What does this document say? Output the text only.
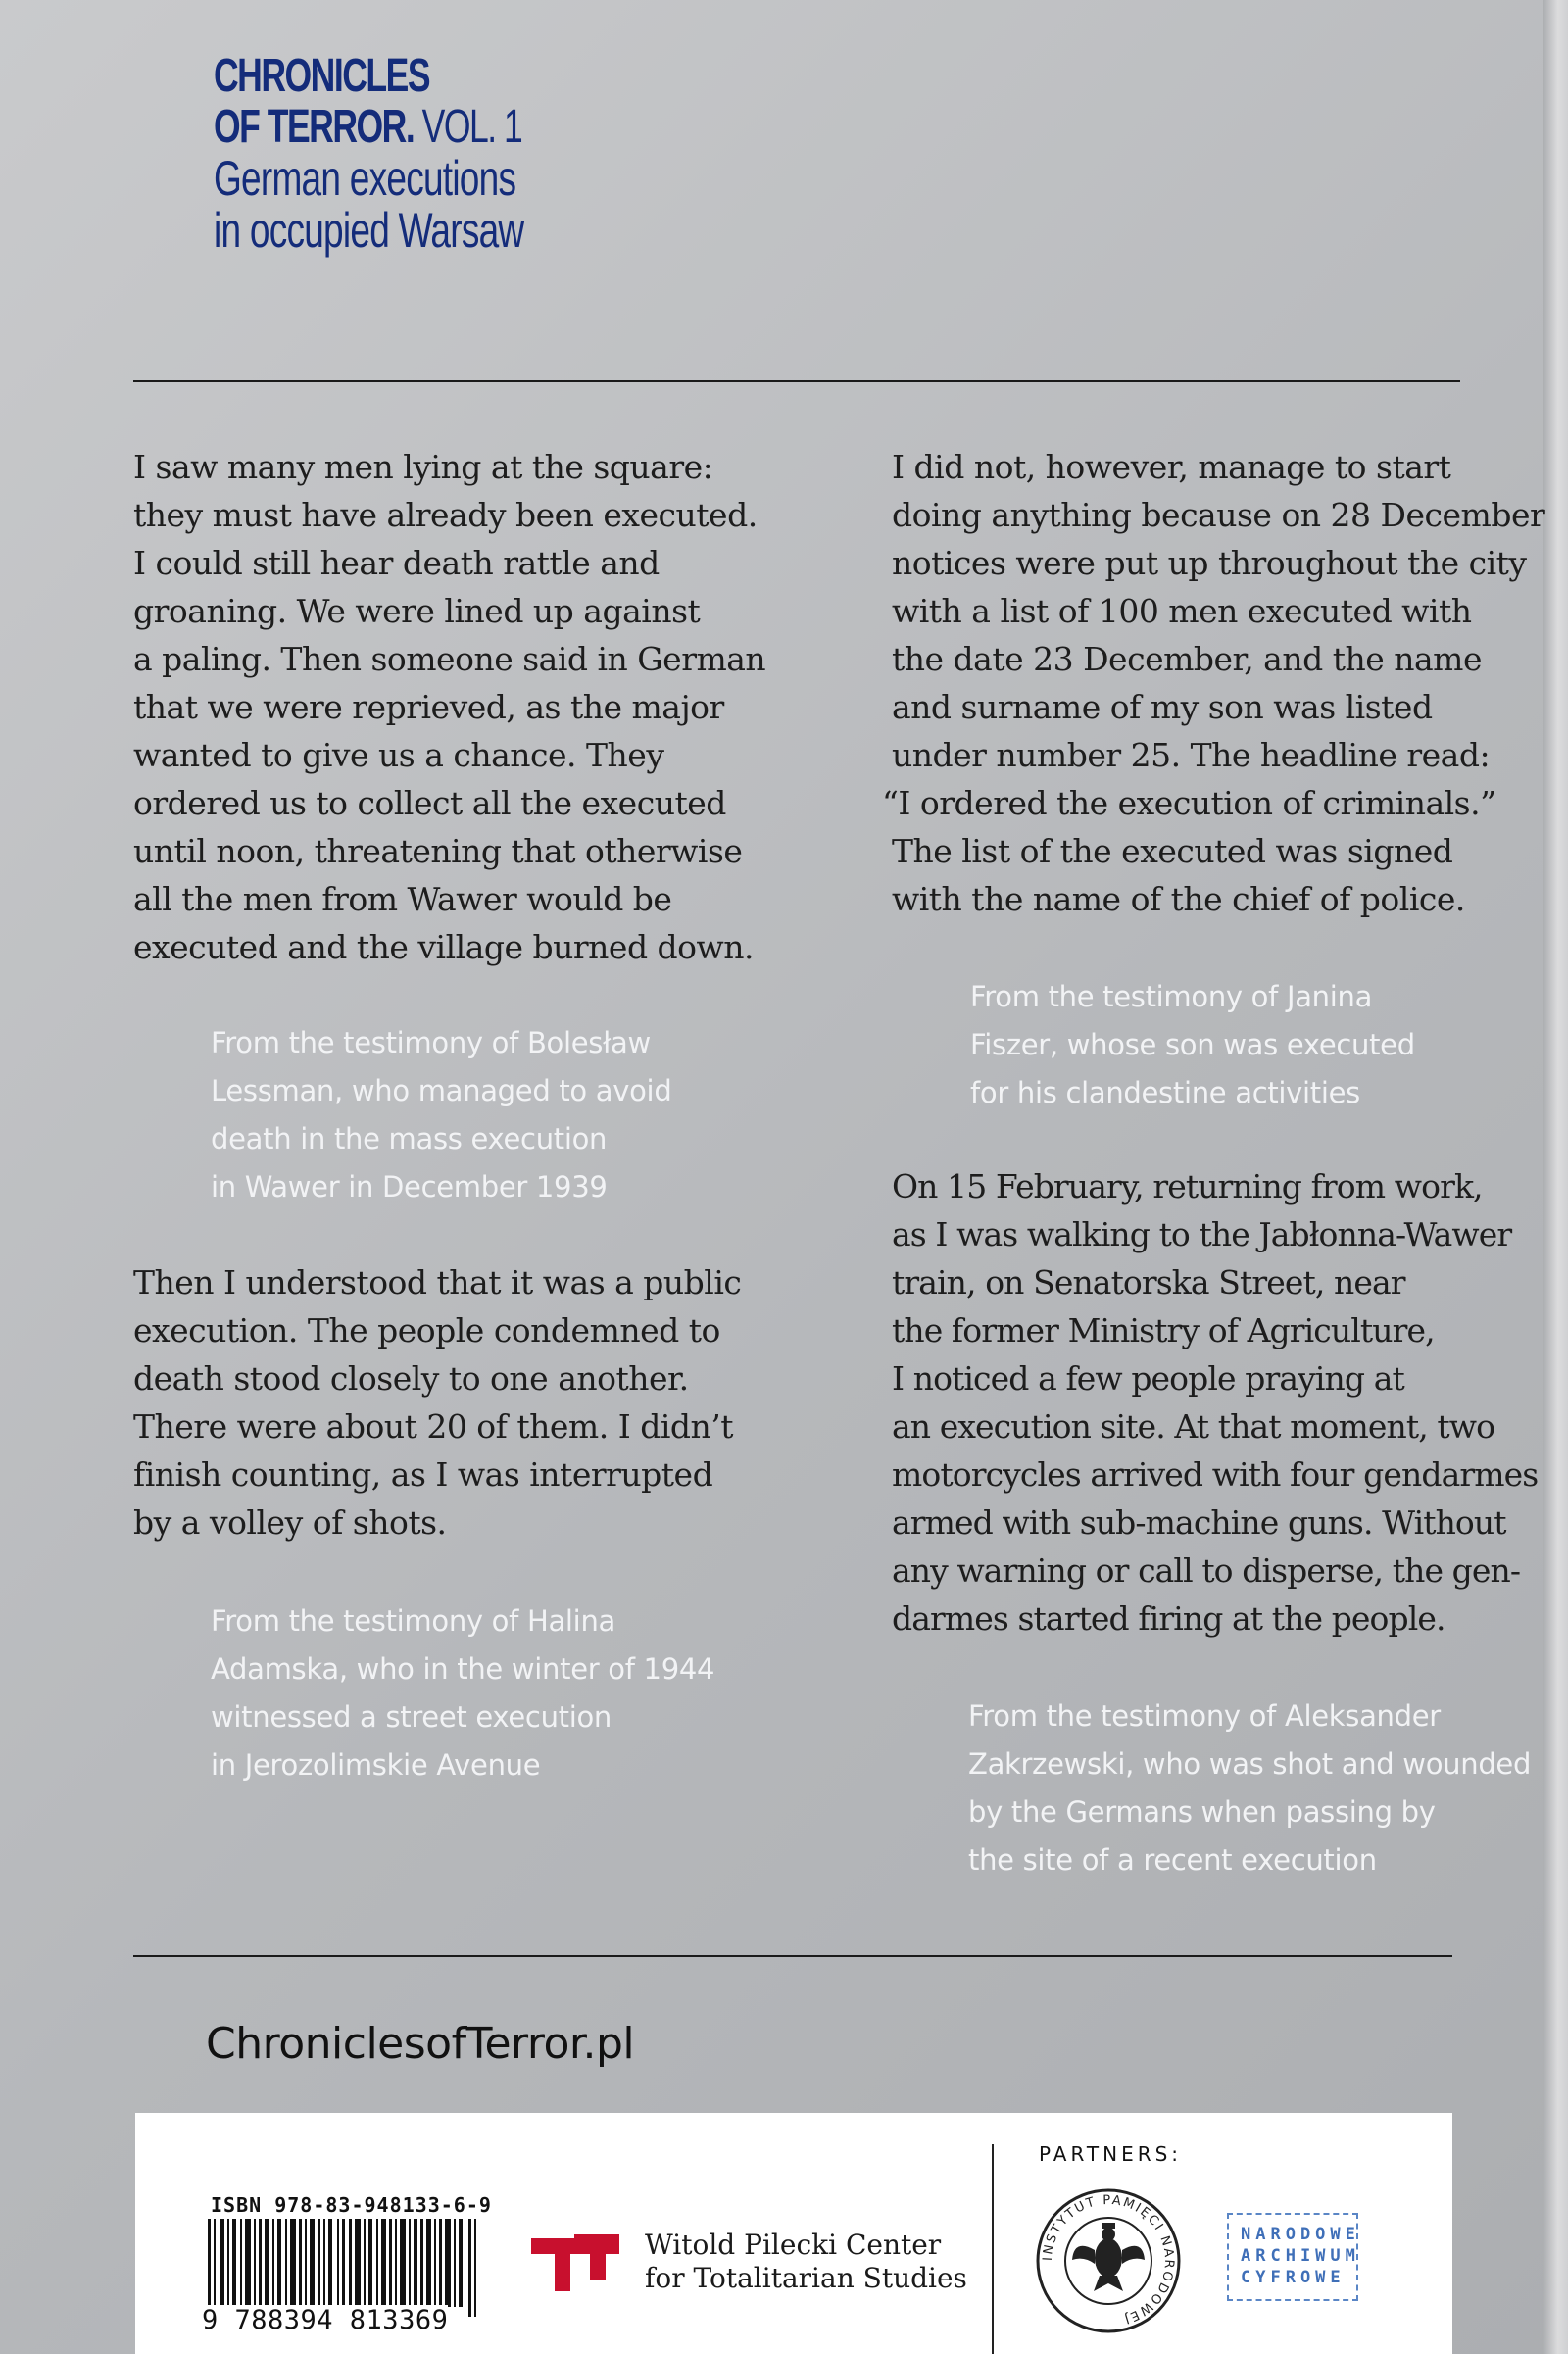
CHRONICLES
OF TERROR. VOL. 1
German executions
in occupied Warsaw
I saw many men lying at the square:
they must have already been executed.
I could still hear death rattle and
groaning. We were lined up against
a paling. Then someone said in German
that we were reprieved, as the major
wanted to give us a chance. They
ordered us to collect all the executed
until noon, threatening that otherwise
all the men from Wawer would be
executed and the village burned down.
From the testimony of Bolesław
Lessman, who managed to avoid
death in the mass execution
in Wawer in December 1939
Then I understood that it was a public
execution. The people condemned to
death stood closely to one another.
There were about 20 of them. I didn’t
finish counting, as I was interrupted
by a volley of shots.
From the testimony of Halina
Adamska, who in the winter of 1944
witnessed a street execution
in Jerozolimskie Avenue
I did not, however, manage to start
doing anything because on 28 December
notices were put up throughout the city
with a list of 100 men executed with
the date 23 December, and the name
and surname of my son was listed
under number 25. The headline read:
“I ordered the execution of criminals.”
The list of the executed was signed
with the name of the chief of police.
From the testimony of Janina
Fiszer, whose son was executed
for his clandestine activities
On 15 February, returning from work,
as I was walking to the Jabłonna-Wawer
train, on Senatorska Street, near
the former Ministry of Agriculture,
I noticed a few people praying at
an execution site. At that moment, two
motorcycles arrived with four gendarmes
armed with sub-machine guns. Without
any warning or call to disperse, the gen-
darmes started firing at the people.
From the testimony of Aleksander
Zakrzewski, who was shot and wounded
by the Germans when passing by
the site of a recent execution
ChroniclesofTerror.pl
ISBN 978-83-948133-6-9
9 788394 813369
Witold Pilecki Center
for Totalitarian Studies
PARTNERS:
INSTYTUT PAMIĘCI NARODOWEJ
NARODOWE
ARCHIWUM
CYFROWE
